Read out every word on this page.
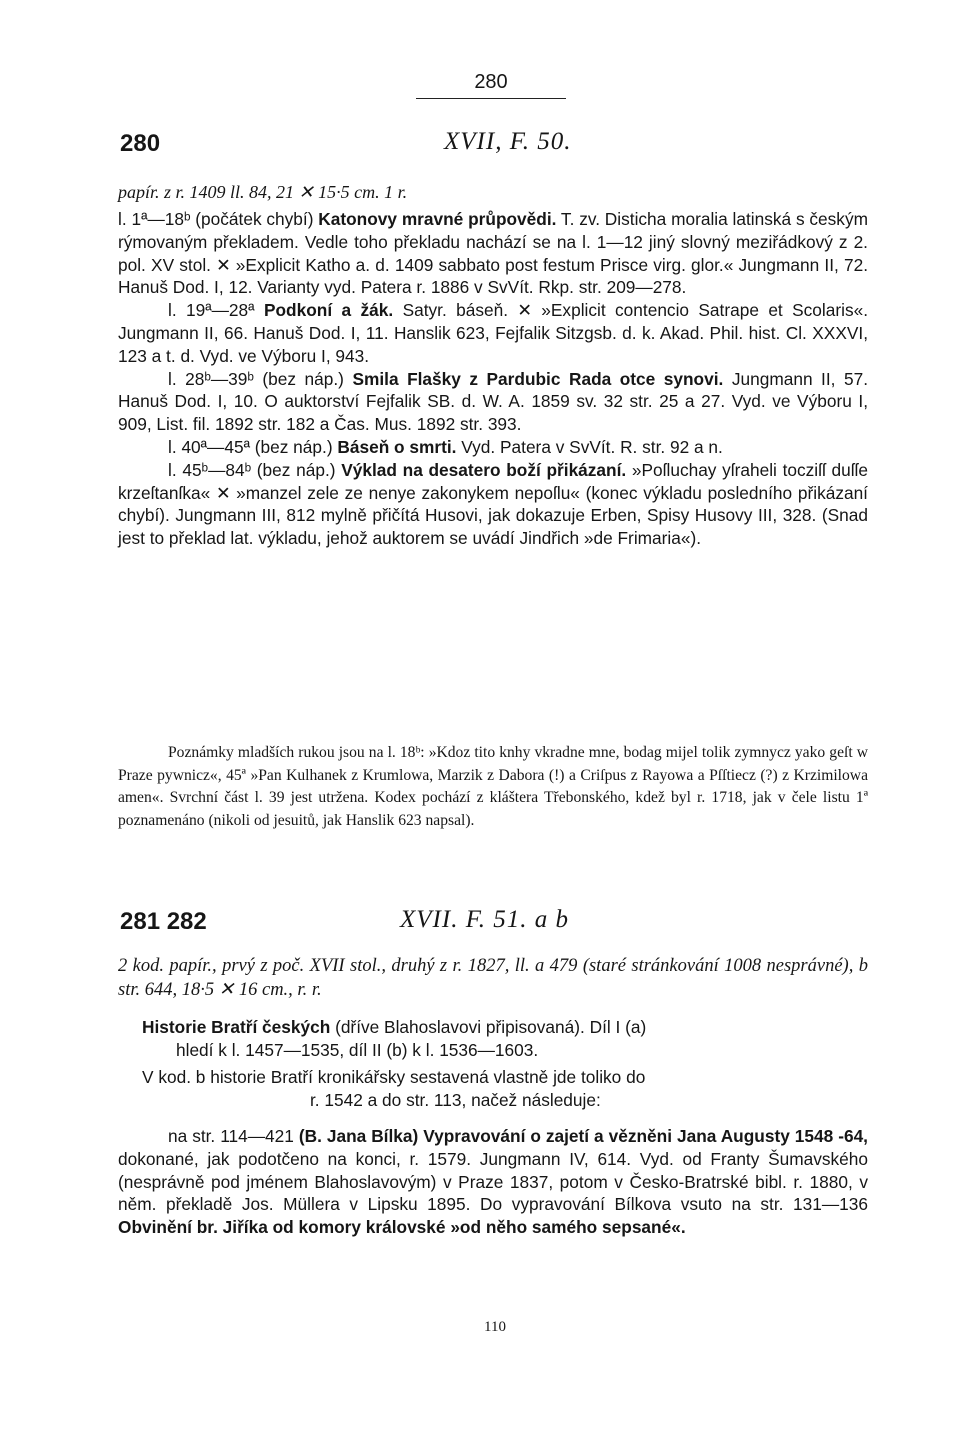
280
280	XVII, F. 50.
papír. z r. 1409 ll. 84, 21 ✕ 15·5 cm. 1 r.

l. 1ª—18ᵇ (počátek chybí) Katonovy mravné průpovědi. T. zv. Disticha moralia latinská s českým rýmovaným překladem. Vedle toho překladu nachází se na l. 1—12 jiný slovný meziřádkový z 2. pol. XV stol. ✕ »Explicit Katho a. d. 1409 sabbato post festum Prisce virg. glor.« Jungmann II, 72. Hanuš Dod. I, 12. Varianty vyd. Patera r. 1886 v SvVít. Rkp. str. 209—278.

l. 19ª—28ª Podkoní a žák. Satyr. báseň. ✕ »Explicit contencio Satrape et Scolaris«. Jungmann II, 66. Hanuš Dod. I, 11. Hanslik 623, Fejfalik Sitzgsb. d. k. Akad. Phil. hist. Cl. XXXVI, 123 a t. d. Vyd. ve Výboru I, 943.

l. 28ᵇ—39ᵇ (bez náp.) Smila Flašky z Pardubic Rada otce synovi. Jungmann II, 57. Hanuš Dod. I, 10. O auktorství Fejfalik SB. d. W. A. 1859 sv. 32 str. 25 a 27. Vyd. ve Výboru I, 909, List. fil. 1892 str. 182 a Čas. Mus. 1892 str. 393.

l. 40ª—45ª (bez náp.) Báseň o smrti. Vyd. Patera v SvVít. R. str. 92 a n.

l. 45ᵇ—84ᵇ (bez náp.) Výklad na desatero boží přikázaní. »Poſluchay yſraheli tocziſſ duſſe krzeſtanſka« ✕ »manzel zele ze nenye zakonykem nepoſlu« (konec výkladu posledního přikázaní chybí). Jungmann III, 812 mylně přičítá Husovi, jak dokazuje Erben, Spisy Husovy III, 328. (Snad jest to překlad lat. výkladu, jehož auktorem se uvádí Jindřich »de Frimaria«).

Poznámky mladších rukou jsou na l. 18ᵇ: »Kdoz tito knhy vkradne mne, bodag mijel tolik zymnycz yako geſt w Praze pywnicz«, 45ª »Pan Kulhanek z Krumlowa, Marzik z Dabora (!) a Criſpus z Rayowa a Pſſtiecz (?) z Krzimilowa amen«. Svrchní část l. 39 jest utržena. Kodex pochází z kláštera Třebonského, kdež byl r. 1718, jak v čele listu 1ª poznamenáno (nikoli od jesuitů, jak Hanslik 623 napsal).

281 282	XVII. F. 51. a b
2 kod. papír., prvý z poč. XVII stol., druhý z r. 1827, ll. a 479 (staré stránkování 1008 nesprávné), b str. 644, 18·5 ✕ 16 cm., r. r.
Historie Bratří českých (dříve Blahoslavovi připisovaná). Díl I (a)
hledí k l. 1457—1535, díl II (b) k l. 1536—1603.
V kod. b historie Bratří kronikářsky sestavená vlastně jde toliko do
r. 1542 a do str. 113, načež následuje:
na str. 114—421 (B. Jana Bílka) Vypravování o zajetí a vězněni Jana Augusty 1548 -64, dokonané, jak podotčeno na konci, r. 1579. Jungmann IV, 614. Vyd. od Franty Šumavského (nesprávně pod jménem Blahoslavovým) v Praze 1837, potom v Česko-Bratrské bibl. r. 1880, v něm. překladě Jos. Müllera v Lipsku 1895. Do vypravování Bílkova vsuto na str. 131—136 Obvinění br. Jiříka od komory královské »od něho samého sepsané«.
110
